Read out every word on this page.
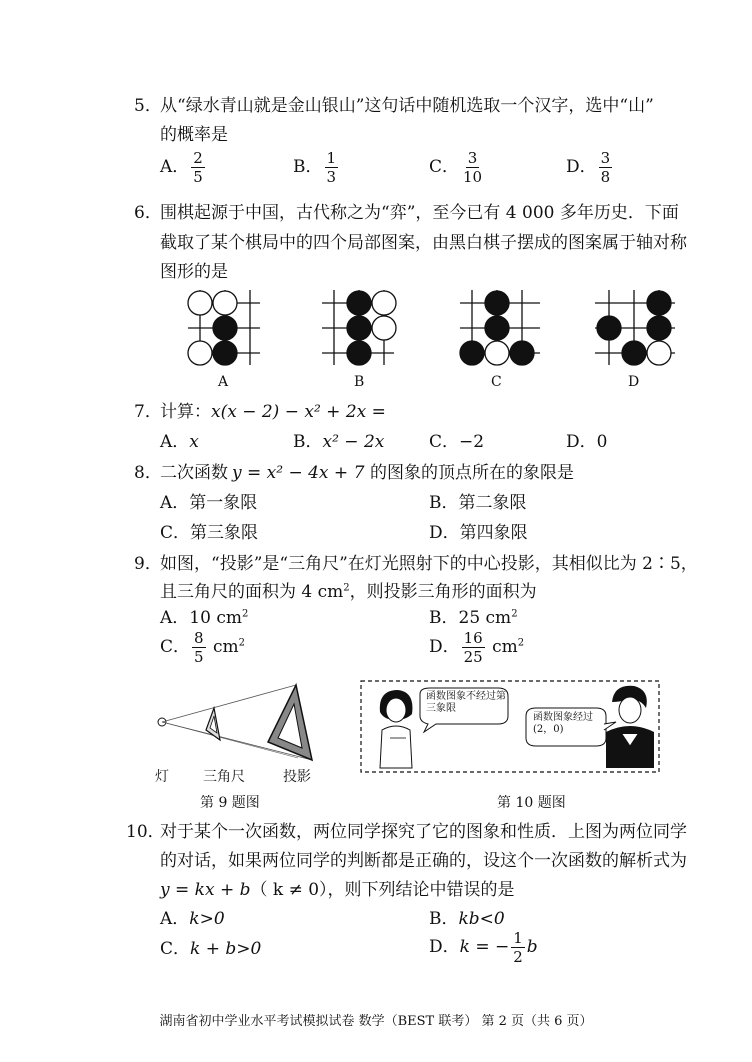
5．
从“绿水青山就是金山银山”这句话中随机选取一个汉字，选中“山”
的概率是
A． $\frac{2}{5}$	B． $\frac{1}{3}$	C． $\frac{3}{10}$	D． $\frac{3}{8}$
6．
围棋起源于中国，古代称之为“弈”，至今已有 4 000 多年历史．下面
截取了某个棋局中的四个局部图案，由黑白棋子摆成的图案属于轴对称
图形的是
A	B	C	D
7．
计算： x(x − 2) − x² + 2x =
A．x	B．x² − 2x	C．−2	D．0
8．
二次函数 y = x² − 4x + 7 的图象的顶点所在的象限是
A．第一象限	B．第二象限
C．第三象限	D．第四象限
9．
如图，“投影”是“三角尺”在灯光照射下的中心投影，其相似比为 2∶5，
且三角尺的面积为 4 $cm^2$，则投影三角形的面积为
A．10 $cm^2$	B．25 $cm^2$
C． $\frac{8}{5} cm^2$	D． $\frac{16}{25} cm^2$
灯 三角尺	投影
第 9 题图
函数图象不经过第三象限
函数图象经过(2，0)
第 10 题图
10．
对于某个一次函数，两位同学探究了它的图象和性质．上图为两位同学
的对话，如果两位同学的判断都是正确的，设这个一次函数的解析式为
y = kx + b（ k ≠ 0），则下列结论中错误的是
A．k>0	B．kb<0
C．k + b>0	D．k = − $\frac{1}{2}$ b
湖南省初中学业水平考试模拟试卷 数学（BEST 联考） 第 2 页（共 6 页）
